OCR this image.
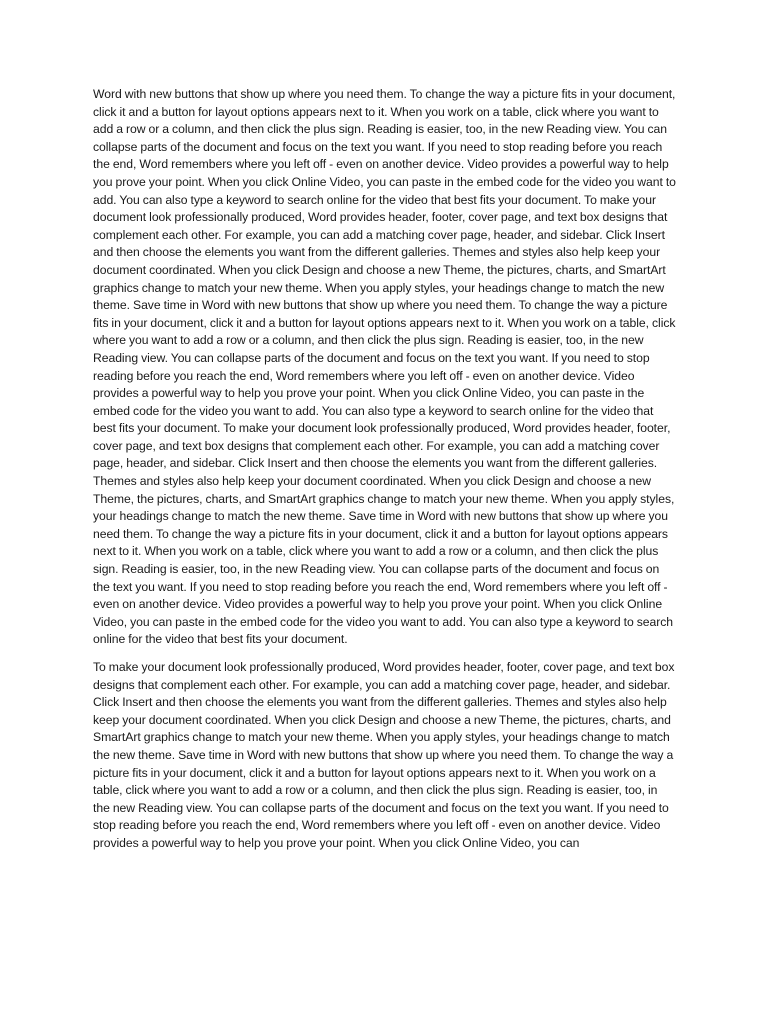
Word with new buttons that show up where you need them. To change the way a picture fits in your document, click it and a button for layout options appears next to it. When you work on a table, click where you want to add a row or a column, and then click the plus sign. Reading is easier, too, in the new Reading view. You can collapse parts of the document and focus on the text you want. If you need to stop reading before you reach the end, Word remembers where you left off - even on another device. Video provides a powerful way to help you prove your point. When you click Online Video, you can paste in the embed code for the video you want to add. You can also type a keyword to search online for the video that best fits your document. To make your document look professionally produced, Word provides header, footer, cover page, and text box designs that complement each other. For example, you can add a matching cover page, header, and sidebar. Click Insert and then choose the elements you want from the different galleries. Themes and styles also help keep your document coordinated. When you click Design and choose a new Theme, the pictures, charts, and SmartArt graphics change to match your new theme. When you apply styles, your headings change to match the new theme. Save time in Word with new buttons that show up where you need them. To change the way a picture fits in your document, click it and a button for layout options appears next to it. When you work on a table, click where you want to add a row or a column, and then click the plus sign. Reading is easier, too, in the new Reading view. You can collapse parts of the document and focus on the text you want. If you need to stop reading before you reach the end, Word remembers where you left off - even on another device. Video provides a powerful way to help you prove your point. When you click Online Video, you can paste in the embed code for the video you want to add. You can also type a keyword to search online for the video that best fits your document. To make your document look professionally produced, Word provides header, footer, cover page, and text box designs that complement each other. For example, you can add a matching cover page, header, and sidebar. Click Insert and then choose the elements you want from the different galleries. Themes and styles also help keep your document coordinated. When you click Design and choose a new Theme, the pictures, charts, and SmartArt graphics change to match your new theme. When you apply styles, your headings change to match the new theme. Save time in Word with new buttons that show up where you need them. To change the way a picture fits in your document, click it and a button for layout options appears next to it. When you work on a table, click where you want to add a row or a column, and then click the plus sign. Reading is easier, too, in the new Reading view. You can collapse parts of the document and focus on the text you want. If you need to stop reading before you reach the end, Word remembers where you left off - even on another device. Video provides a powerful way to help you prove your point. When you click Online Video, you can paste in the embed code for the video you want to add. You can also type a keyword to search online for the video that best fits your document.

To make your document look professionally produced, Word provides header, footer, cover page, and text box designs that complement each other. For example, you can add a matching cover page, header, and sidebar. Click Insert and then choose the elements you want from the different galleries. Themes and styles also help keep your document coordinated. When you click Design and choose a new Theme, the pictures, charts, and SmartArt graphics change to match your new theme. When you apply styles, your headings change to match the new theme. Save time in Word with new buttons that show up where you need them. To change the way a picture fits in your document, click it and a button for layout options appears next to it. When you work on a table, click where you want to add a row or a column, and then click the plus sign. Reading is easier, too, in the new Reading view. You can collapse parts of the document and focus on the text you want. If you need to stop reading before you reach the end, Word remembers where you left off - even on another device. Video provides a powerful way to help you prove your point. When you click Online Video, you can
